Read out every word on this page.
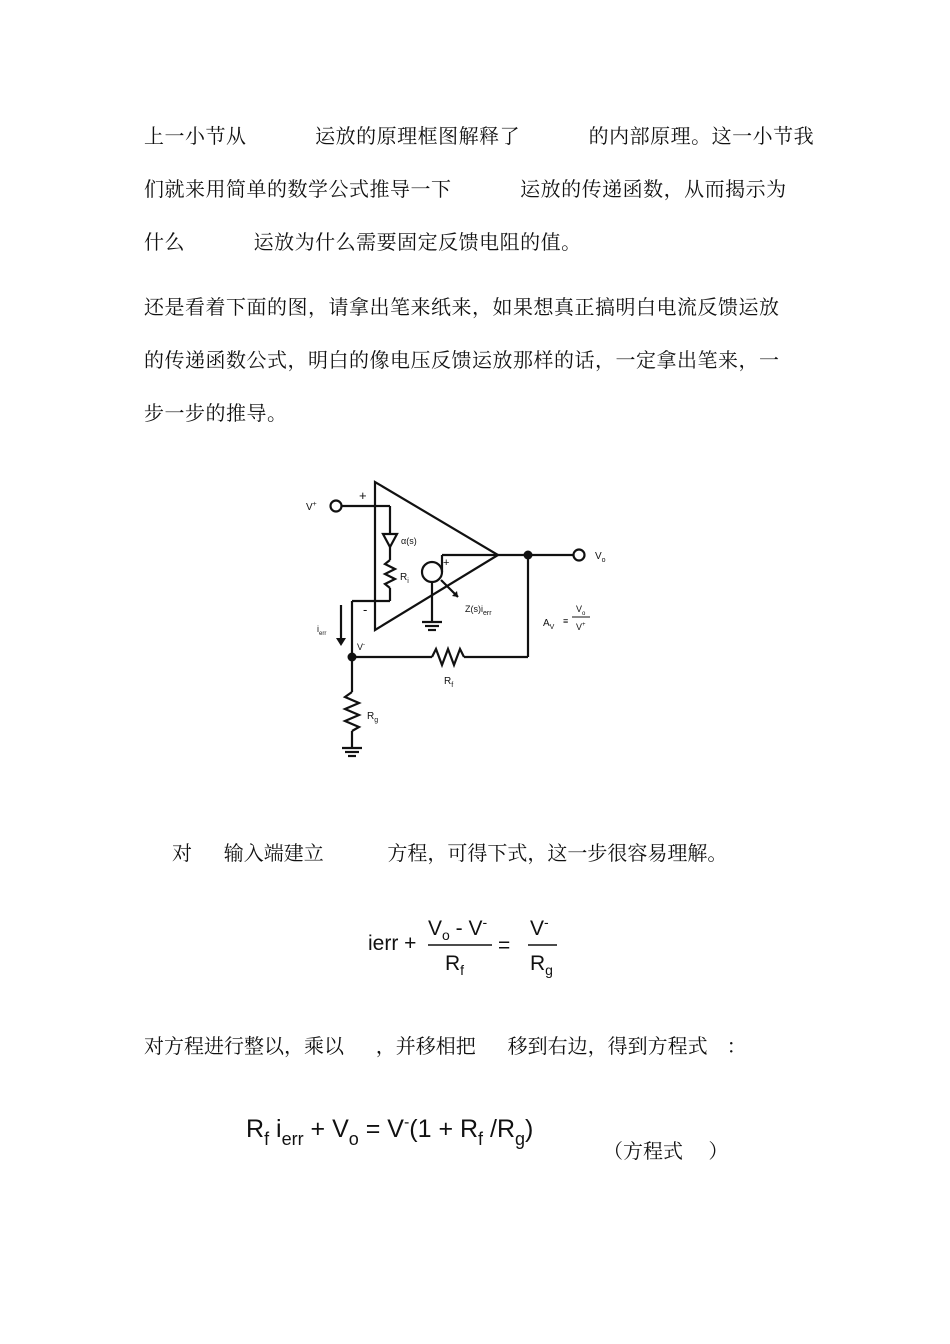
上一小节从          运放的原理框图解释了          的内部原理。这一小节我
们就来用简单的数学公式推导一下          运放的传递函数，从而揭示为
什么          运放为什么需要固定反馈电阻的值。
还是看着下面的图，请拿出笔来纸来，如果想真正搞明白电流反馈运放
的传递函数公式，明白的像电压反馈运放那样的话，一定拿出笔来，一
步一步的推导。
V+
+
-
α(s)
$R_i$
+
$Z(s)i_{err}$
$V_o$
$A_V$
≡
$V_o$
V+
$i_{err}$
V-
$R_f$
$R_g$
对     输入端建立          方程，可得下式，这一步很容易理解。
ierr +
$V_o - V^-$
$R_f$
=
V-
$R_g$
对方程进行整以，乘以     ，并移相把     移到右边，得到方程式   ：
$R_f$ $i_{err} + V_o = V^-(1 + R_f$ $/R_g$)
（方程式    ）
